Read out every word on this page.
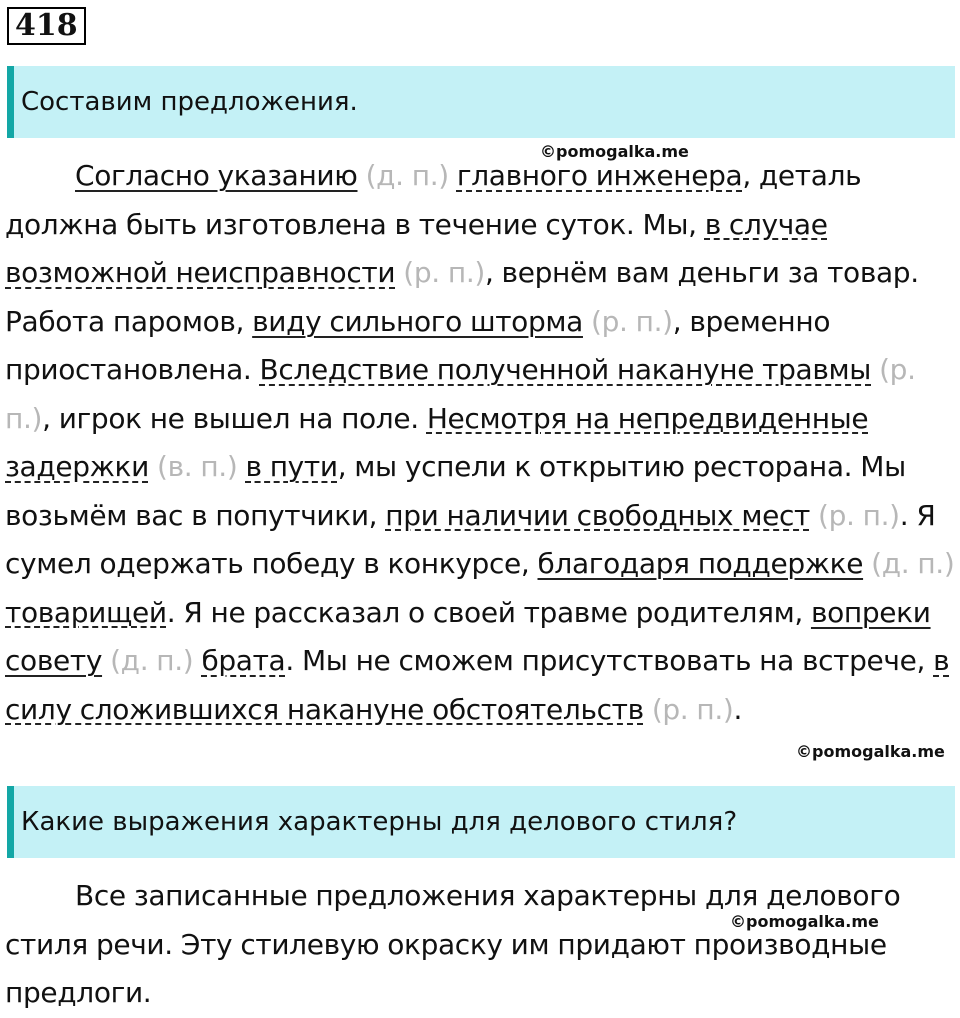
418
Составим предложения.
©pomogalka.me
Согласно указанию (д. п.) главного инженера, деталь должна быть изготовлена в течение суток. Мы, в случае возможной неисправности (р. п.), вернём вам деньги за товар. Работа паромов, виду сильного шторма (р. п.), временно приостановлена. Вследствие полученной накануне травмы (р. п.), игрок не вышел на поле. Несмотря на непредвиденные задержки (в. п.) в пути, мы успели к открытию ресторана. Мы возьмём вас в попутчики, при наличии свободных мест (р. п.). Я сумел одержать победу в конкурсе, благодаря поддержке (д. п.) товарищей. Я не рассказал о своей травме родителям, вопреки совету (д. п.) брата. Мы не сможем присутствовать на встрече, в силу сложившихся накануне обстоятельств (р. п.).
©pomogalka.me
Какие выражения характерны для делового стиля?
Все записанные предложения характерны для делового стиля речи. Эту стилевую окраску им придают производные предлоги.
©pomogalka.me
